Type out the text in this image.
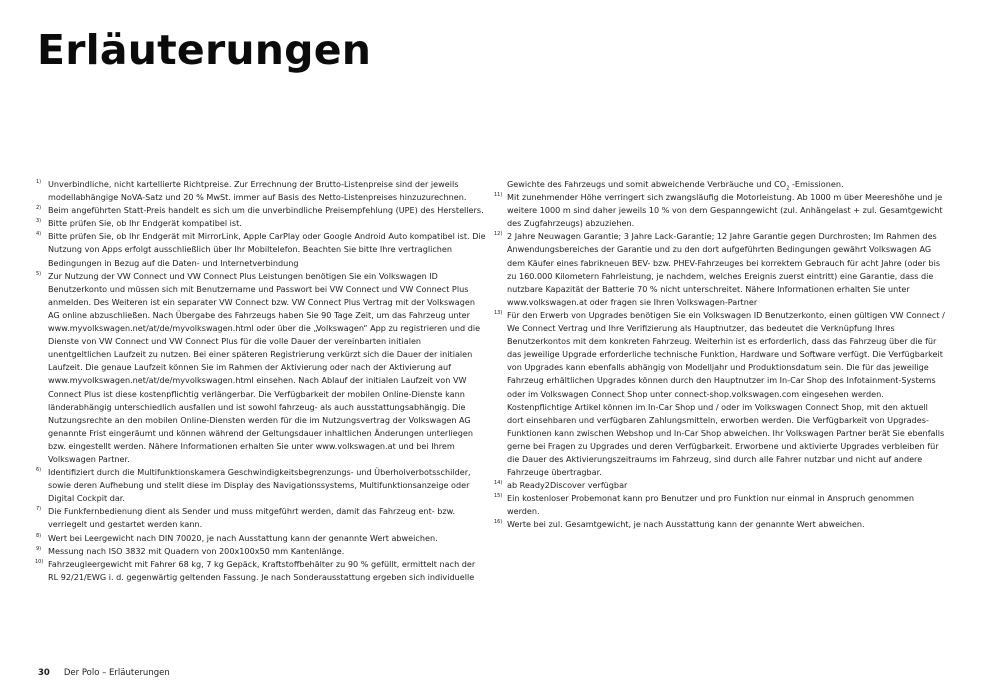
Erläuterungen

1) Unverbindliche, nicht kartellierte Richtpreise. Zur Errechnung der Brutto-Listenpreise sind der jeweils modellabhängige NoVA-Satz und 20 % MwSt. immer auf Basis des Netto-Listenpreises hinzuzurechnen.

2) Beim angeführten Statt-Preis handelt es sich um die unverbindliche Preisempfehlung (UPE) des Herstellers.

3) Bitte prüfen Sie, ob Ihr Endgerät kompatibel ist.

4) Bitte prüfen Sie, ob Ihr Endgerät mit MirrorLink, Apple CarPlay oder Google Android Auto kompatibel ist. Die Nutzung von Apps erfolgt ausschließlich über Ihr Mobiltelefon. Beachten Sie bitte Ihre vertraglichen Bedingungen in Bezug auf die Daten- und Internetverbindung

5) Zur Nutzung der VW Connect und VW Connect Plus Leistungen benötigen Sie ein Volkswagen ID Benutzerkonto und müssen sich mit Benutzername und Passwort bei VW Connect und VW Connect Plus anmelden. Des Weiteren ist ein separater VW Connect bzw. VW Connect Plus Vertrag mit der Volkswagen AG online abzuschließen. Nach Übergabe des Fahrzeugs haben Sie 90 Tage Zeit, um das Fahrzeug unter www.myvolkswagen.net/at/de/myvolkswagen.html oder über die „Volkswagen“ App zu registrieren und die Dienste von VW Connect und VW Connect Plus für die volle Dauer der vereinbarten initialen unentgeltlichen Laufzeit zu nutzen. Bei einer späteren Registrierung verkürzt sich die Dauer der initialen Laufzeit. Die genaue Laufzeit können Sie im Rahmen der Aktivierung oder nach der Aktivierung auf www.myvolkswagen.net/at/de/myvolkswagen.html einsehen. Nach Ablauf der initialen Laufzeit von VW Connect Plus ist diese kostenpflichtig verlängerbar. Die Verfügbarkeit der mobilen Online-Dienste kann länderabhängig unterschiedlich ausfallen und ist sowohl fahrzeug- als auch ausstattungsabhängig. Die Nutzungsrechte an den mobilen Online-Diensten werden für die im Nutzungsvertrag der Volkswagen AG genannte Frist eingeräumt und können während der Geltungsdauer inhaltlichen Änderungen unterliegen bzw. eingestellt werden. Nähere Informationen erhalten Sie unter www.volkswagen.at und bei Ihrem Volkswagen Partner.

6) Identifiziert durch die Multifunktionskamera Geschwindigkeitsbegrenzungs- und Überholverbotsschilder, sowie deren Aufhebung und stellt diese im Display des Navigationssystems, Multifunktionsanzeige oder Digital Cockpit dar.

7) Die Funkfernbedienung dient als Sender und muss mitgeführt werden, damit das Fahrzeug ent- bzw. verriegelt und gestartet werden kann.

8) Wert bei Leergewicht nach DIN 70020, je nach Ausstattung kann der genannte Wert abweichen.

9) Messung nach ISO 3832 mit Quadern von 200x100x50 mm Kantenlänge.

10) Fahrzeugleergewicht mit Fahrer 68 kg, 7 kg Gepäck, Kraftstoffbehälter zu 90 % gefüllt, ermittelt nach der RL 92/21/EWG i. d. gegenwärtig geltenden Fassung. Je nach Sonderausstattung ergeben sich individuelle

Gewichte des Fahrzeugs und somit abweichende Verbräuche und $CO_2$ -Emissionen.

11) Mit zunehmender Höhe verringert sich zwangsläufig die Motorleistung. Ab 1000 m über Meereshöhe und je weitere 1000 m sind daher jeweils 10 % von dem Gespanngewicht (zul. Anhängelast + zul. Gesamtgewicht des Zugfahrzeugs) abzuziehen.

12) 2 Jahre Neuwagen Garantie; 3 Jahre Lack-Garantie; 12 Jahre Garantie gegen Durchrosten; Im Rahmen des Anwendungsbereiches der Garantie und zu den dort aufgeführten Bedingungen gewährt Volkswagen AG dem Käufer eines fabrikneuen BEV- bzw. PHEV-Fahrzeuges bei korrektem Gebrauch für acht Jahre (oder bis zu 160.000 Kilometern Fahrleistung, je nachdem, welches Ereignis zuerst eintritt) eine Garantie, dass die nutzbare Kapazität der Batterie 70 % nicht unterschreitet. Nähere Informationen erhalten Sie unter www.volkswagen.at oder fragen sie Ihren Volkswagen-Partner

13) Für den Erwerb von Upgrades benötigen Sie ein Volkswagen ID Benutzerkonto, einen gültigen VW Connect / We Connect Vertrag und Ihre Verifizierung als Hauptnutzer, das bedeutet die Verknüpfung Ihres Benutzerkontos mit dem konkreten Fahrzeug. Weiterhin ist es erforderlich, dass das Fahrzeug über die für das jeweilige Upgrade erforderliche technische Funktion, Hardware und Software verfügt. Die Verfügbarkeit von Upgrades kann ebenfalls abhängig von Modelljahr und Produktionsdatum sein. Die für das jeweilige Fahrzeug erhältlichen Upgrades können durch den Hauptnutzer im In-Car Shop des Infotainment-Systems oder im Volkswagen Connect Shop unter connect-shop.volkswagen.com eingesehen werden. Kostenpflichtige Artikel können im In-Car Shop und / oder im Volkswagen Connect Shop, mit den aktuell dort einsehbaren und verfügbaren Zahlungsmitteln, erworben werden. Die Verfügbarkeit von Upgrades-Funktionen kann zwischen Webshop und In-Car Shop abweichen. Ihr Volkswagen Partner berät Sie ebenfalls gerne bei Fragen zu Upgrades und deren Verfügbarkeit. Erworbene und aktivierte Upgrades verbleiben für die Dauer des Aktivierungszeitraums im Fahrzeug, sind durch alle Fahrer nutzbar und nicht auf andere Fahrzeuge übertragbar.

14) ab Ready2Discover verfügbar

15) Ein kostenloser Probemonat kann pro Benutzer und pro Funktion nur einmal in Anspruch genommen werden.

16) Werte bei zul. Gesamtgewicht, je nach Ausstattung kann der genannte Wert abweichen.

30 Der Polo – Erläuterungen
